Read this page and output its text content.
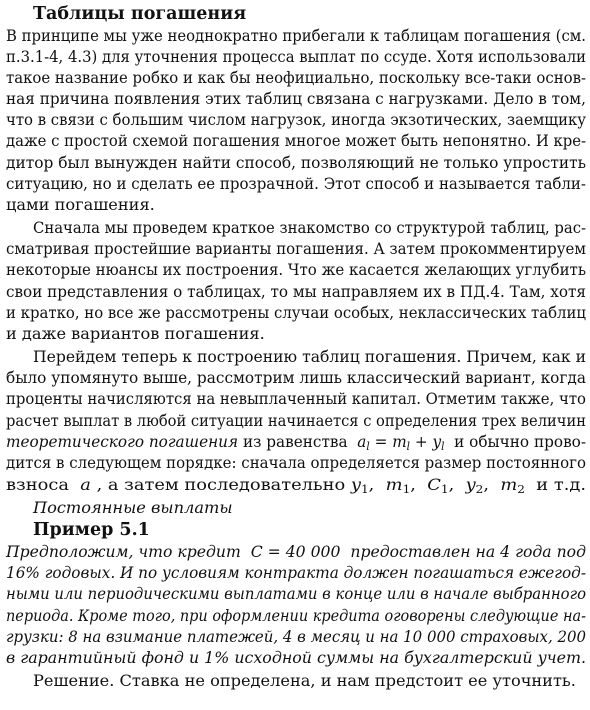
Таблицы погашения
В принципе мы уже неоднократно прибегали к таблицам погашения (см.
п.3.1-4, 4.3) для уточнения процесса выплат по ссуде. Хотя использовали
такое название робко и как бы неофициально, поскольку все-таки основ-
ная причина появления этих таблиц связана с нагрузками. Дело в том,
что в связи с большим числом нагрузок, иногда экзотических, заемщику
даже с простой схемой погашения многое может быть непонятно. И кре-
дитор был вынужден найти способ, позволяющий не только упростить
ситуацию, но и сделать ее прозрачной. Этот способ и называется табли-
цами погашения.
Сначала мы проведем краткое знакомство со структурой таблиц, рас-
сматривая простейшие варианты погашения. А затем прокомментируем
некоторые нюансы их построения. Что же касается желающих углубить
свои представления о таблицах, то мы направляем их в ПД.4. Там, хотя
и кратко, но все же рассмотрены случаи особых, неклассических таблиц
и даже вариантов погашения.
Перейдем теперь к построению таблиц погашения. Причем, как и
было упомянуто выше, рассмотрим лишь классический вариант, когда
проценты начисляются на невыплаченный капитал. Отметим также, что
расчет выплат в любой ситуации начинается с определения трех величин
теоретического погашения из равенства  $a_l = m_l + y_l$  и обычно прово-
дится в следующем порядке: сначала определяется размер постоянного
взноса  a , а затем последовательно $y_1$,  $m_1$,  $C_1$,  $y_2$,  $m_2$  и т.д.
Постоянные выплаты
Пример 5.1
Предположим, что кредит  C = 40 000  предоставлен на 4 года под
16% годовых. И по условиям контракта должен погашаться ежегод-
ными или периодическими выплатами в конце или в начале выбранного
периода. Кроме того, при оформлении кредита оговорены следующие на-
грузки: 8 на взимание платежей, 4 в месяц и на 10 000 страховых, 200
в гарантийный фонд и 1% исходной суммы на бухгалтерский учет.
Решение. Ставка не определена, и нам предстоит ее уточнить.
